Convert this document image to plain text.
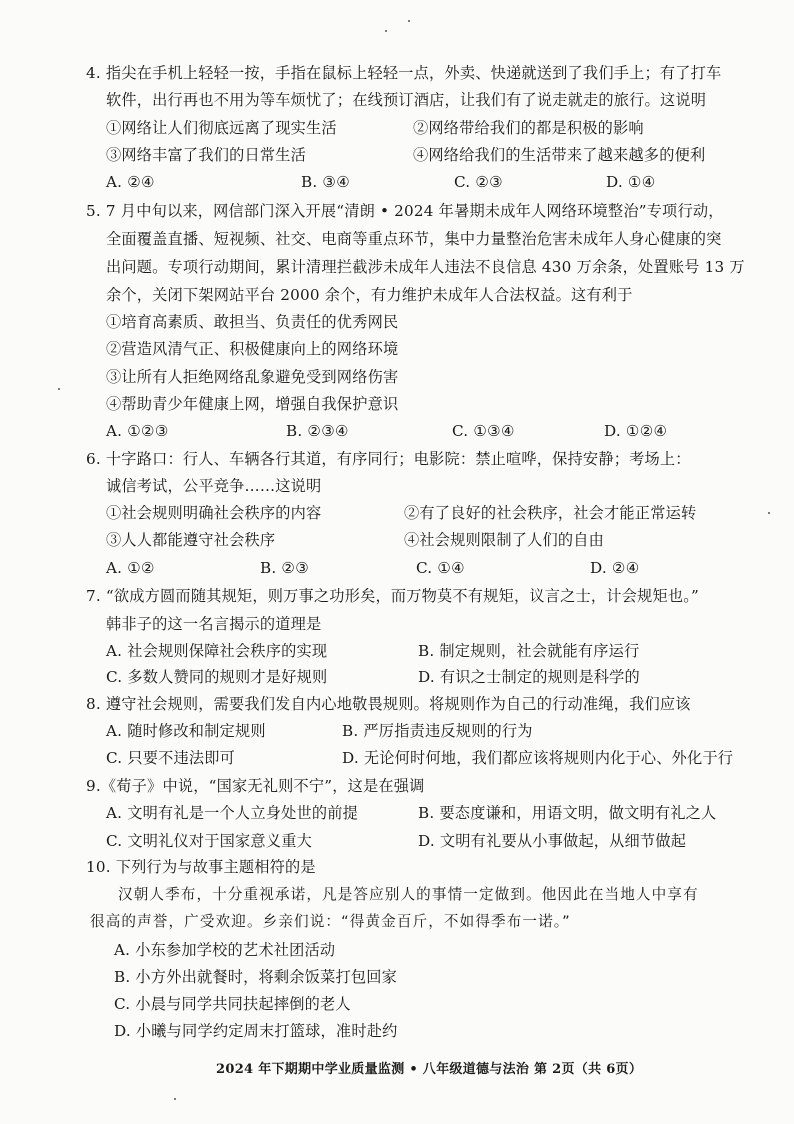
4. 指尖在手机上轻轻一按，手指在鼠标上轻轻一点，外卖、快递就送到了我们手上；有了打车
软件，出行再也不用为等车烦忧了；在线预订酒店，让我们有了说走就走的旅行。这说明
①网络让人们彻底远离了现实生活	②网络带给我们的都是积极的影响
③网络丰富了我们的日常生活	④网络给我们的生活带来了越来越多的便利
A. ②④	B. ③④	C. ②③	D. ①④
5. 7 月中旬以来，网信部门深入开展“清朗 • 2024 年暑期未成年人网络环境整治”专项行动，
全面覆盖直播、短视频、社交、电商等重点环节，集中力量整治危害未成年人身心健康的突
出问题。专项行动期间，累计清理拦截涉未成年人违法不良信息 430 万余条，处置账号 13 万
余个，关闭下架网站平台 2000 余个，有力维护未成年人合法权益。这有利于
①培育高素质、敢担当、负责任的优秀网民
②营造风清气正、积极健康向上的网络环境
③让所有人拒绝网络乱象避免受到网络伤害
④帮助青少年健康上网，增强自我保护意识
A. ①②③	B. ②③④	C. ①③④	D. ①②④
6. 十字路口：行人、车辆各行其道，有序同行；电影院：禁止喧哗，保持安静；考场上：
诚信考试，公平竞争……这说明
①社会规则明确社会秩序的内容	②有了良好的社会秩序，社会才能正常运转
③人人都能遵守社会秩序	④社会规则限制了人们的自由
A. ①②	B. ②③	C. ①④	D. ②④
7. “欲成方圆而随其规矩，则万事之功形矣，而万物莫不有规矩，议言之士，计会规矩也。”
韩非子的这一名言揭示的道理是
A. 社会规则保障社会秩序的实现	B. 制定规则，社会就能有序运行
C. 多数人赞同的规则才是好规则	D. 有识之士制定的规则是科学的
8. 遵守社会规则，需要我们发自内心地敬畏规则。将规则作为自己的行动准绳，我们应该
A. 随时修改和制定规则	B. 严厉指责违反规则的行为
C. 只要不违法即可	D. 无论何时何地，我们都应该将规则内化于心、外化于行
9.《荀子》中说，“国家无礼则不宁”，这是在强调
A. 文明有礼是一个人立身处世的前提	B. 要态度谦和，用语文明，做文明有礼之人
C. 文明礼仪对于国家意义重大	D. 文明有礼要从小事做起，从细节做起
10. 下列行为与故事主题相符的是
汉朝人季布，十分重视承诺，凡是答应别人的事情一定做到。他因此在当地人中享有
很高的声誉，广受欢迎。乡亲们说：“得黄金百斤，不如得季布一诺。”
A. 小东参加学校的艺术社团活动
B. 小方外出就餐时，将剩余饭菜打包回家
C. 小晨与同学共同扶起摔倒的老人
D. 小曦与同学约定周末打篮球，准时赴约
2024 年下期期中学业质量监测 • 八年级道德与法治 第 2页（共 6页）
